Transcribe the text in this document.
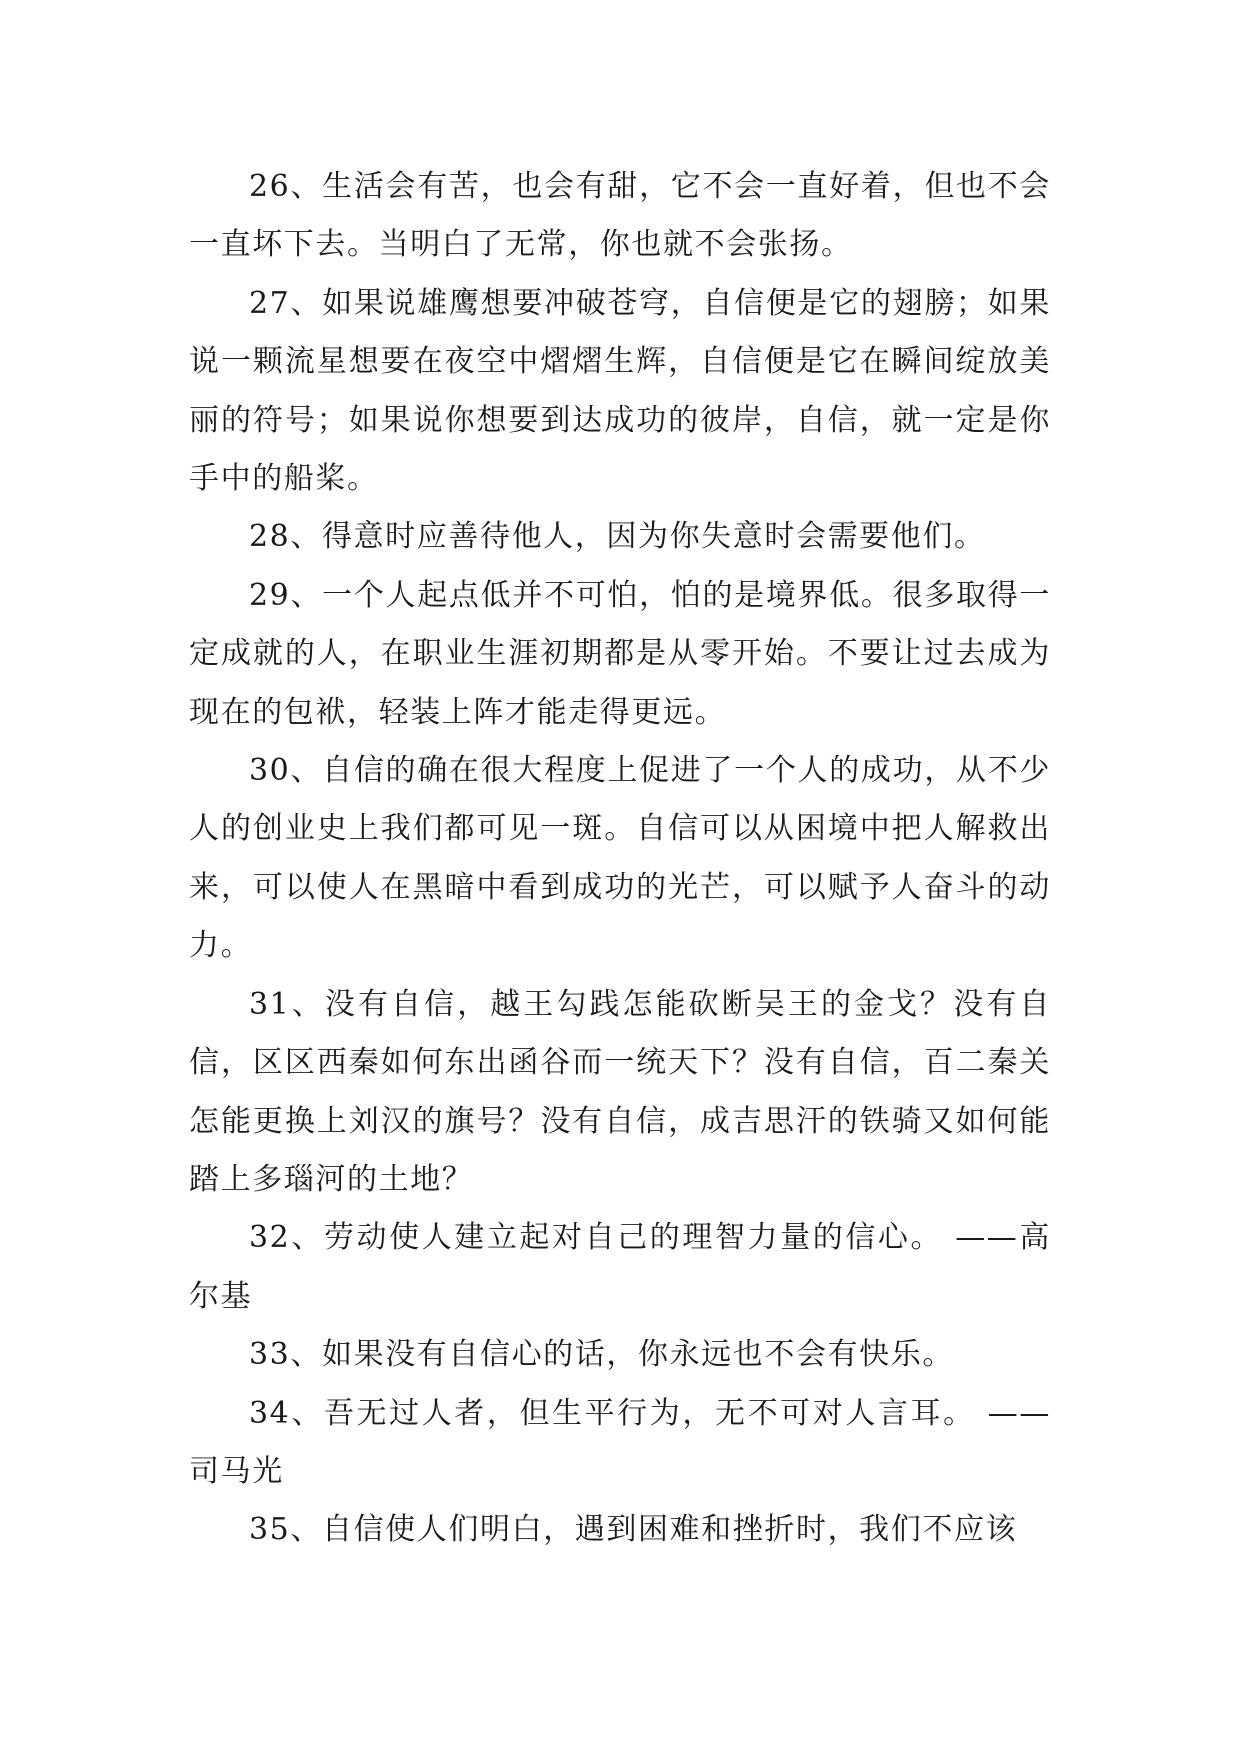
26、生活会有苦，也会有甜，它不会一直好着，但也不会一直坏下去。当明白了无常，你也就不会张扬。

27、如果说雄鹰想要冲破苍穹，自信便是它的翅膀；如果说一颗流星想要在夜空中熠熠生辉，自信便是它在瞬间绽放美丽的符号；如果说你想要到达成功的彼岸，自信，就一定是你手中的船桨。

28、得意时应善待他人，因为你失意时会需要他们。

29、一个人起点低并不可怕，怕的是境界低。很多取得一定成就的人，在职业生涯初期都是从零开始。不要让过去成为现在的包袱，轻装上阵才能走得更远。

30、自信的确在很大程度上促进了一个人的成功，从不少人的创业史上我们都可见一斑。自信可以从困境中把人解救出来，可以使人在黑暗中看到成功的光芒，可以赋予人奋斗的动力。

31、没有自信，越王勾践怎能砍断吴王的金戈？没有自信，区区西秦如何东出函谷而一统天下？没有自信，百二秦关怎能更换上刘汉的旗号？没有自信，成吉思汗的铁骑又如何能踏上多瑙河的土地？

32、劳动使人建立起对自己的理智力量的信心。 ——高尔基

33、如果没有自信心的话，你永远也不会有快乐。

34、吾无过人者，但生平行为，无不可对人言耳。 ——司马光

35、自信使人们明白，遇到困难和挫折时，我们不应该
